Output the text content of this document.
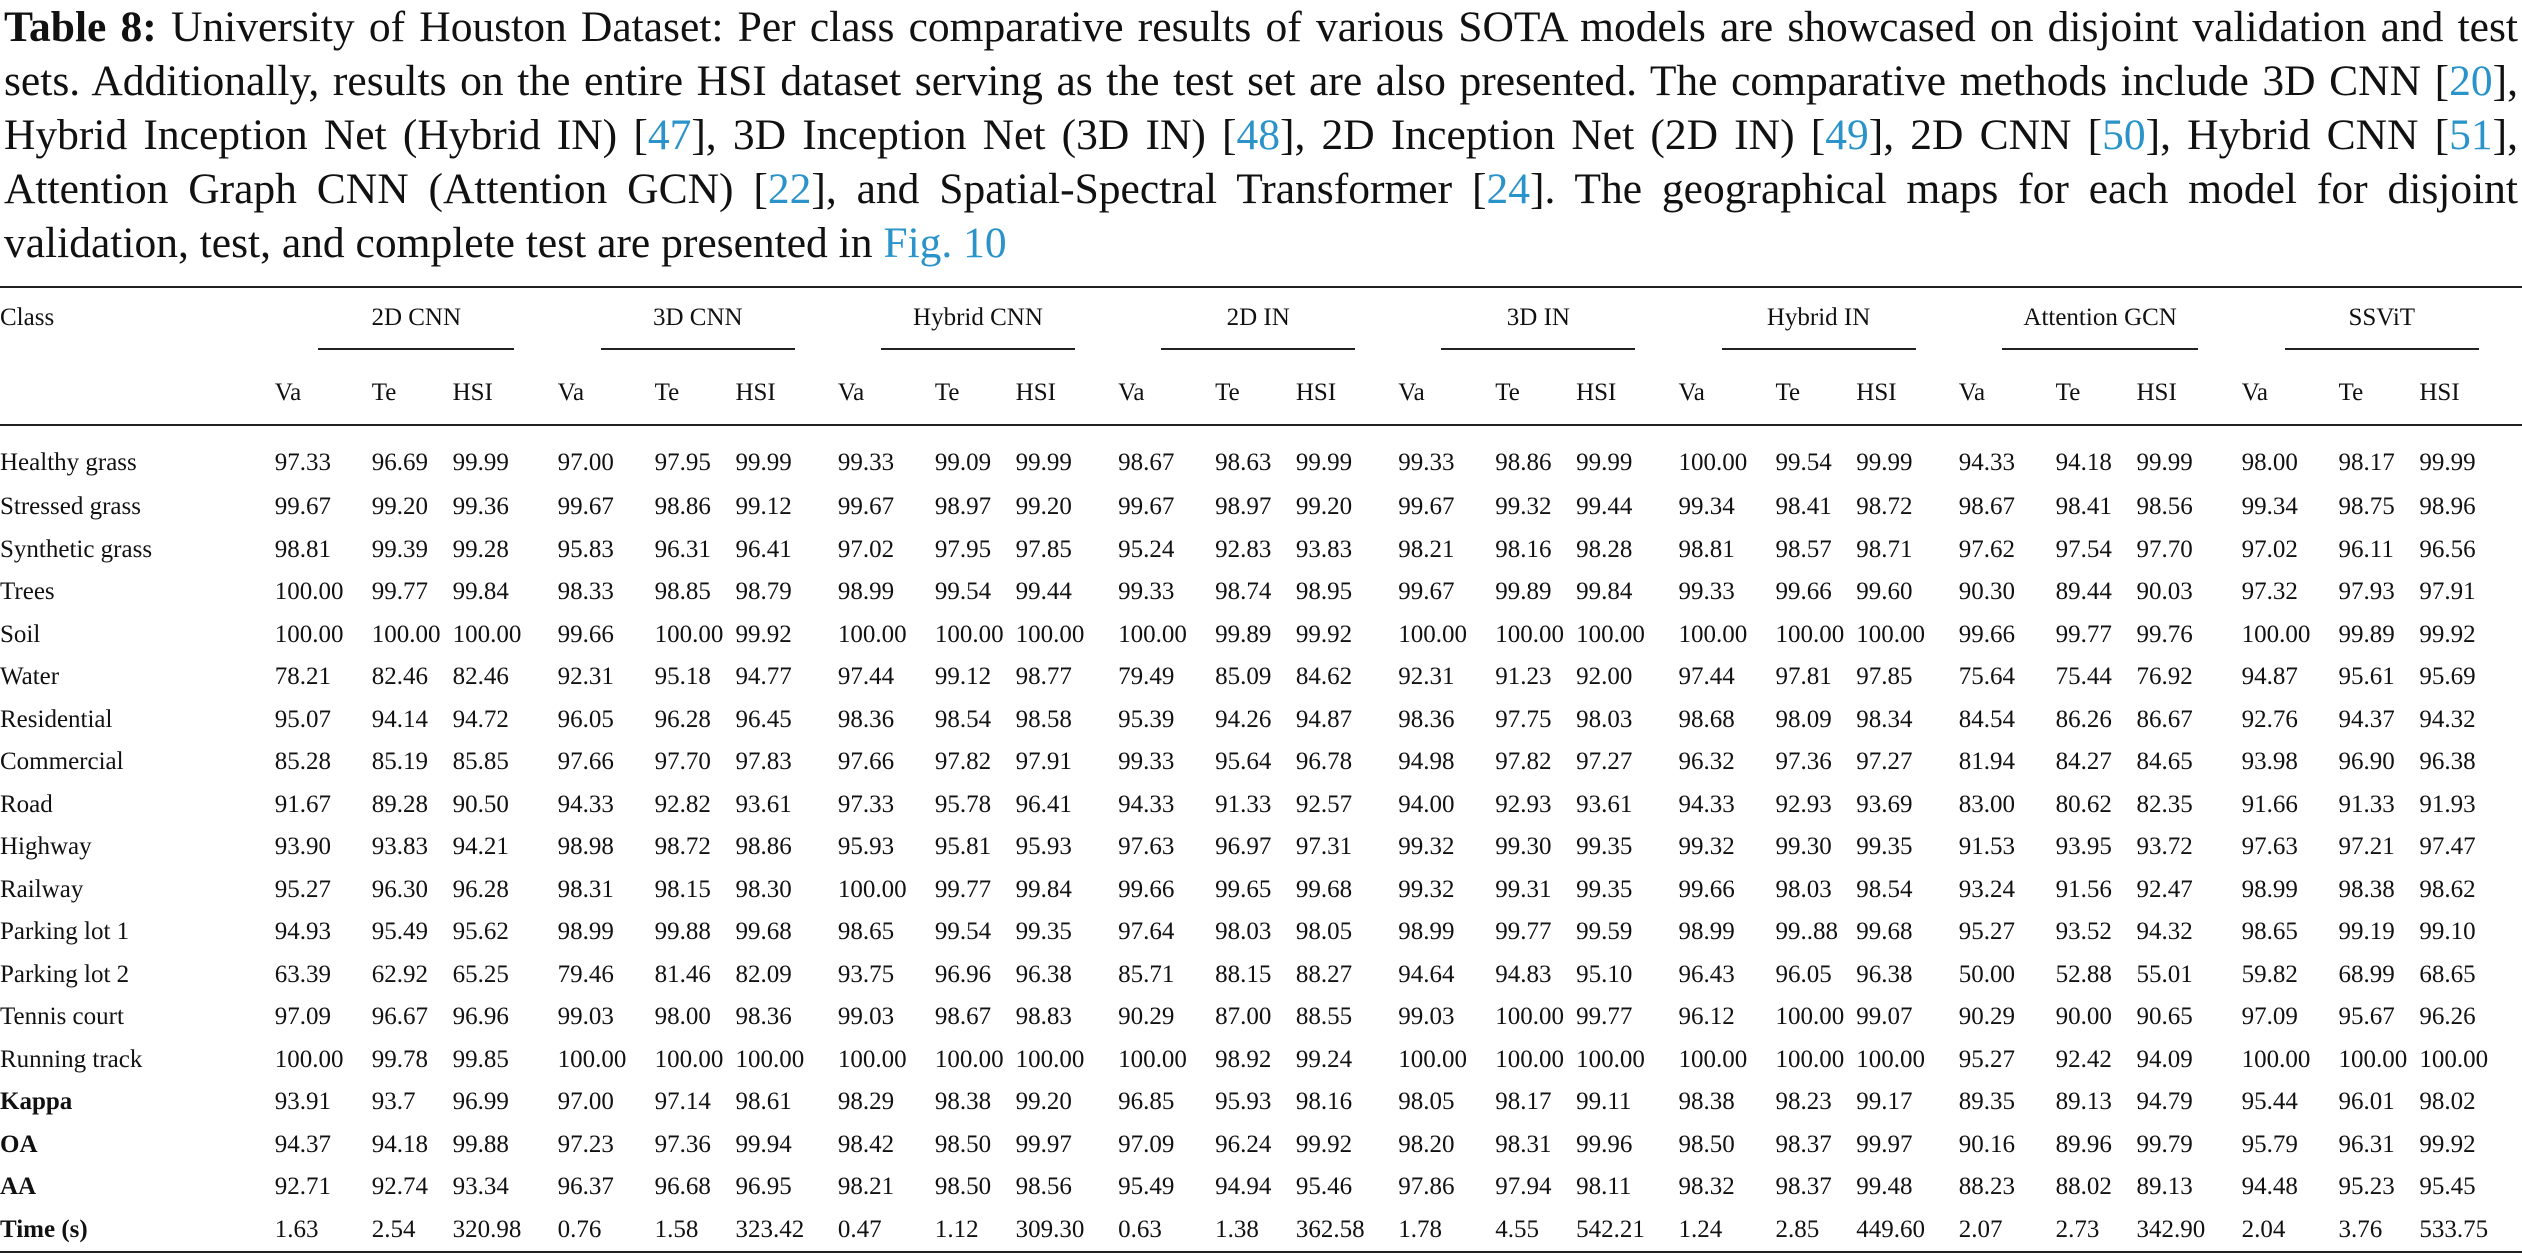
Table 8: University of Houston Dataset: Per class comparative results of various SOTA models are showcased on disjoint validation and test sets. Additionally, results on the entire HSI dataset serving as the test set are also presented. The comparative methods include 3D CNN [20], Hybrid Inception Net (Hybrid IN) [47], 3D Inception Net (3D IN) [48], 2D Inception Net (2D IN) [49], 2D CNN [50], Hybrid CNN [51], Attention Graph CNN (Attention GCN) [22], and Spatial-Spectral Transformer [24]. The geographical maps for each model for disjoint validation, test, and complete test are presented in Fig. 10
Class	2D CNN			3D CNN			Hybrid CNN			2D IN			3D IN			Hybrid IN			Attention GCN			SSViT		

	Va	Te	HSI	Va	Te	HSI	Va	Te	HSI	Va	Te	HSI	Va	Te	HSI	Va	Te	HSI	Va	Te	HSI	Va	Te	HSI
Healthy grass	97.33	96.69	99.99	97.00	97.95	99.99	99.33	99.09	99.99	98.67	98.63	99.99	99.33	98.86	99.99	100.00	99.54	99.99	94.33	94.18	99.99	98.00	98.17	99.99
Stressed grass	99.67	99.20	99.36	99.67	98.86	99.12	99.67	98.97	99.20	99.67	98.97	99.20	99.67	99.32	99.44	99.34	98.41	98.72	98.67	98.41	98.56	99.34	98.75	98.96
Synthetic grass	98.81	99.39	99.28	95.83	96.31	96.41	97.02	97.95	97.85	95.24	92.83	93.83	98.21	98.16	98.28	98.81	98.57	98.71	97.62	97.54	97.70	97.02	96.11	96.56
Trees	100.00	99.77	99.84	98.33	98.85	98.79	98.99	99.54	99.44	99.33	98.74	98.95	99.67	99.89	99.84	99.33	99.66	99.60	90.30	89.44	90.03	97.32	97.93	97.91
Soil	100.00	100.00	100.00	99.66	100.00	99.92	100.00	100.00	100.00	100.00	99.89	99.92	100.00	100.00	100.00	100.00	100.00	100.00	99.66	99.77	99.76	100.00	99.89	99.92
Water	78.21	82.46	82.46	92.31	95.18	94.77	97.44	99.12	98.77	79.49	85.09	84.62	92.31	91.23	92.00	97.44	97.81	97.85	75.64	75.44	76.92	94.87	95.61	95.69
Residential	95.07	94.14	94.72	96.05	96.28	96.45	98.36	98.54	98.58	95.39	94.26	94.87	98.36	97.75	98.03	98.68	98.09	98.34	84.54	86.26	86.67	92.76	94.37	94.32
Commercial	85.28	85.19	85.85	97.66	97.70	97.83	97.66	97.82	97.91	99.33	95.64	96.78	94.98	97.82	97.27	96.32	97.36	97.27	81.94	84.27	84.65	93.98	96.90	96.38
Road	91.67	89.28	90.50	94.33	92.82	93.61	97.33	95.78	96.41	94.33	91.33	92.57	94.00	92.93	93.61	94.33	92.93	93.69	83.00	80.62	82.35	91.66	91.33	91.93
Highway	93.90	93.83	94.21	98.98	98.72	98.86	95.93	95.81	95.93	97.63	96.97	97.31	99.32	99.30	99.35	99.32	99.30	99.35	91.53	93.95	93.72	97.63	97.21	97.47
Railway	95.27	96.30	96.28	98.31	98.15	98.30	100.00	99.77	99.84	99.66	99.65	99.68	99.32	99.31	99.35	99.66	98.03	98.54	93.24	91.56	92.47	98.99	98.38	98.62
Parking lot 1	94.93	95.49	95.62	98.99	99.88	99.68	98.65	99.54	99.35	97.64	98.03	98.05	98.99	99.77	99.59	98.99	99..88	99.68	95.27	93.52	94.32	98.65	99.19	99.10
Parking lot 2	63.39	62.92	65.25	79.46	81.46	82.09	93.75	96.96	96.38	85.71	88.15	88.27	94.64	94.83	95.10	96.43	96.05	96.38	50.00	52.88	55.01	59.82	68.99	68.65
Tennis court	97.09	96.67	96.96	99.03	98.00	98.36	99.03	98.67	98.83	90.29	87.00	88.55	99.03	100.00	99.77	96.12	100.00	99.07	90.29	90.00	90.65	97.09	95.67	96.26
Running track	100.00	99.78	99.85	100.00	100.00	100.00	100.00	100.00	100.00	100.00	98.92	99.24	100.00	100.00	100.00	100.00	100.00	100.00	95.27	92.42	94.09	100.00	100.00	100.00
Kappa	93.91	93.7	96.99	97.00	97.14	98.61	98.29	98.38	99.20	96.85	95.93	98.16	98.05	98.17	99.11	98.38	98.23	99.17	89.35	89.13	94.79	95.44	96.01	98.02
OA	94.37	94.18	99.88	97.23	97.36	99.94	98.42	98.50	99.97	97.09	96.24	99.92	98.20	98.31	99.96	98.50	98.37	99.97	90.16	89.96	99.79	95.79	96.31	99.92
AA	92.71	92.74	93.34	96.37	96.68	96.95	98.21	98.50	98.56	95.49	94.94	95.46	97.86	97.94	98.11	98.32	98.37	99.48	88.23	88.02	89.13	94.48	95.23	95.45
Time (s)	1.63	2.54	320.98	0.76	1.58	323.42	0.47	1.12	309.30	0.63	1.38	362.58	1.78	4.55	542.21	1.24	2.85	449.60	2.07	2.73	342.90	2.04	3.76	533.75
